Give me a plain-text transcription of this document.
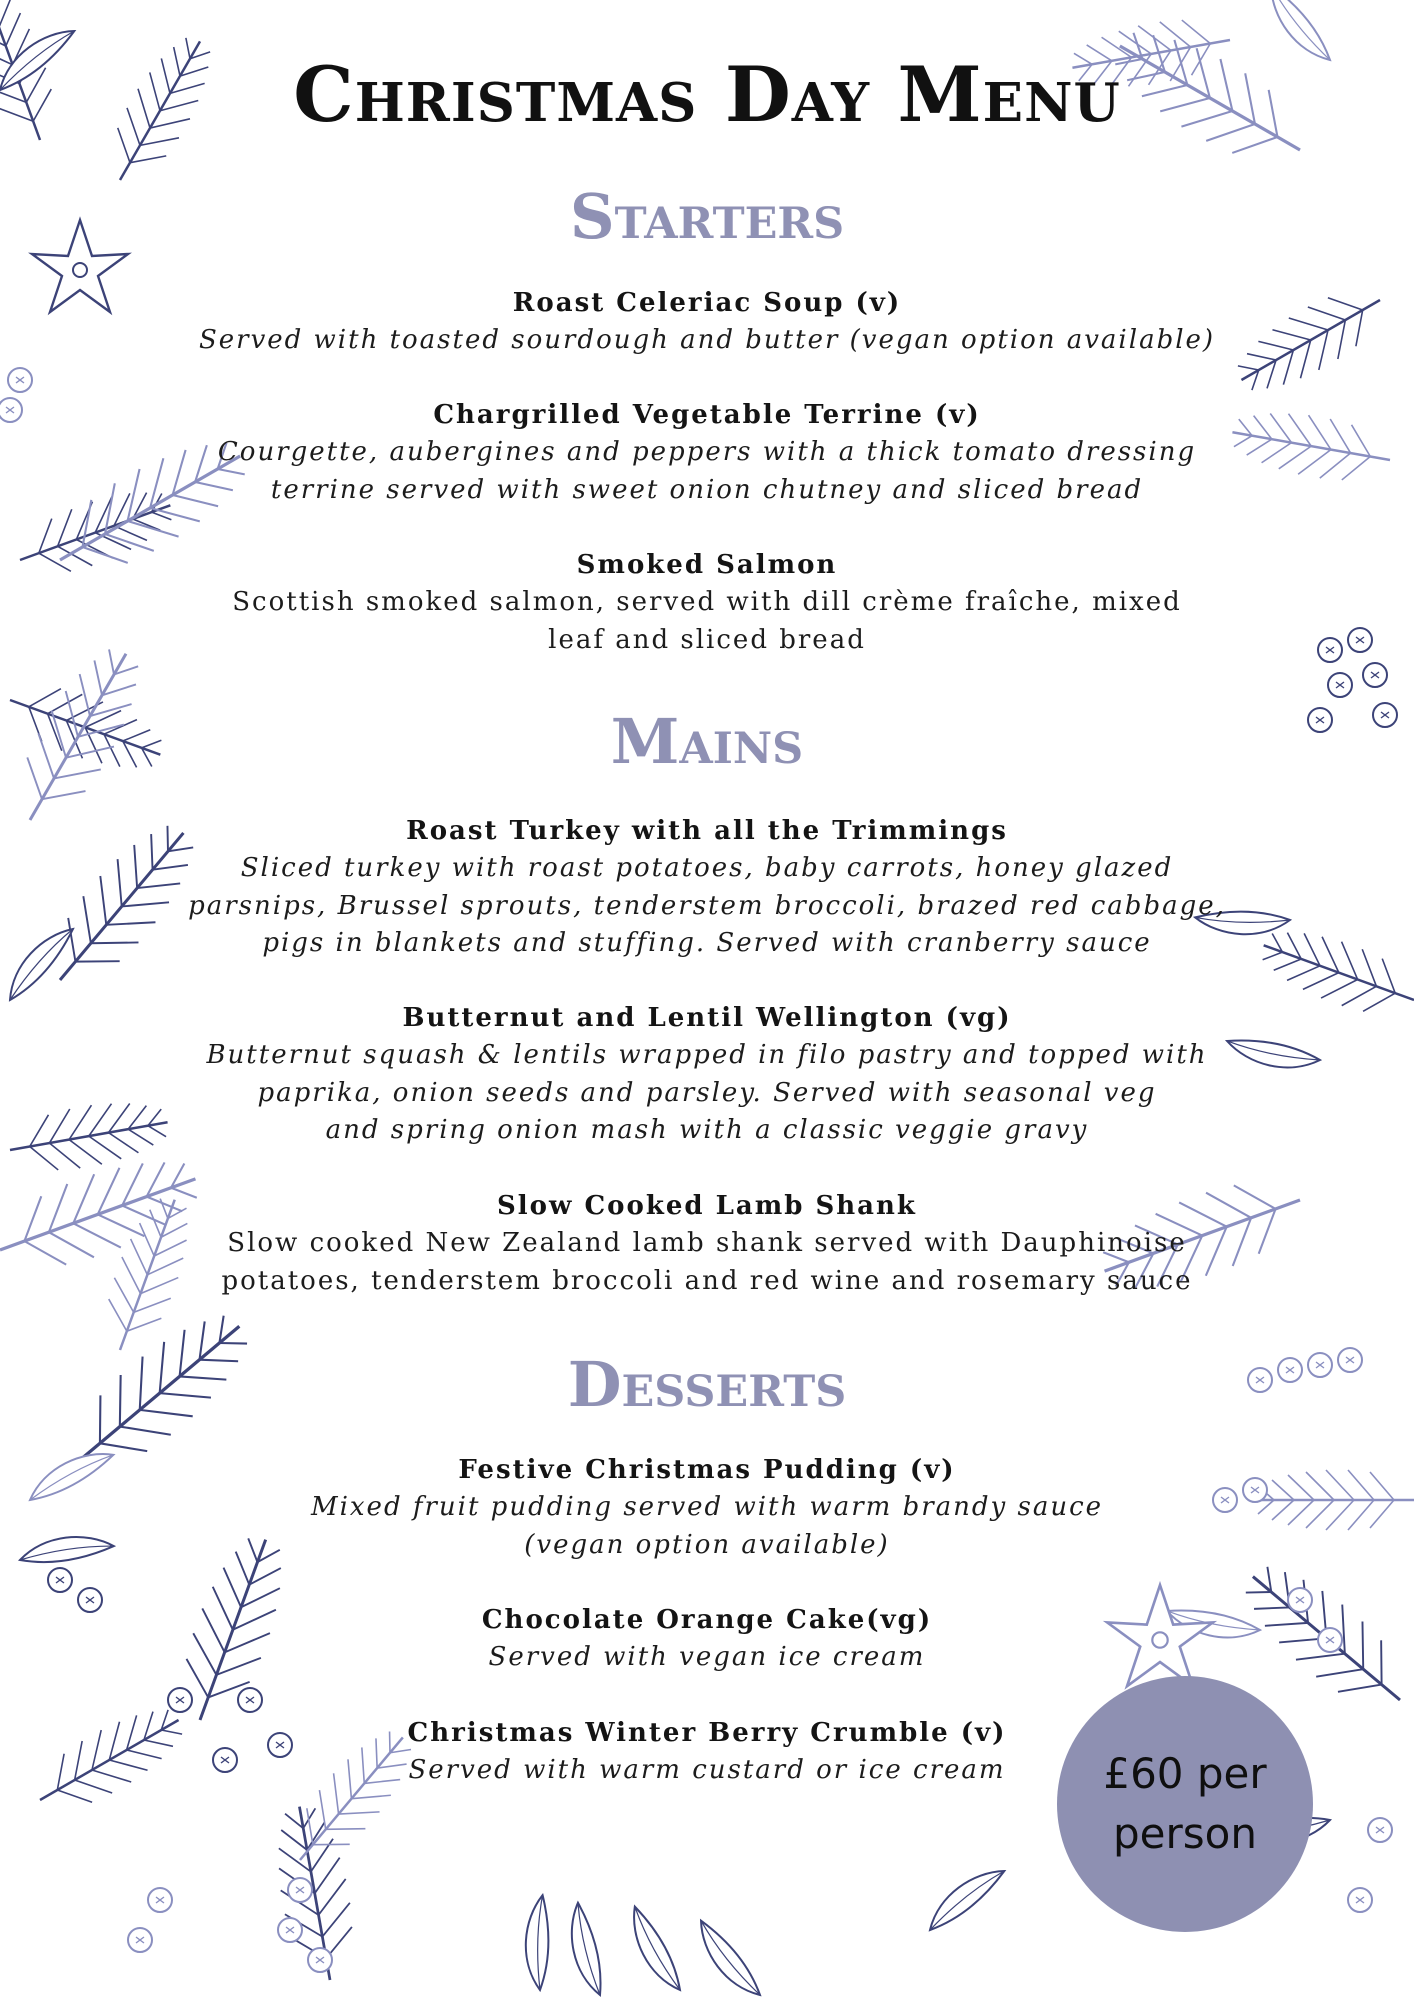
Christmas Day Menu
Starters
Roast Celeriac Soup (v)
Served with toasted sourdough and butter (vegan option available)
Chargrilled Vegetable Terrine (v)
Courgette, aubergines and peppers with a thick tomato dressing
terrine served with sweet onion chutney and sliced bread
Smoked Salmon
Scottish smoked salmon, served with dill crème fraîche, mixed
leaf and sliced bread
Mains
Roast Turkey with all the Trimmings
Sliced turkey with roast potatoes, baby carrots, honey glazed
parsnips, Brussel sprouts, tenderstem broccoli, brazed red cabbage,
pigs in blankets and stuffing. Served with cranberry sauce
Butternut and Lentil Wellington (vg)
Butternut squash & lentils wrapped in filo pastry and topped with
paprika, onion seeds and parsley. Served with seasonal veg
and spring onion mash with a classic veggie gravy
Slow Cooked Lamb Shank
Slow cooked New Zealand lamb shank served with Dauphinoise
potatoes, tenderstem broccoli and red wine and rosemary sauce
Desserts
Festive Christmas Pudding (v)
Mixed fruit pudding served with warm brandy sauce
(vegan option available)
Chocolate Orange Cake(vg)
Served with vegan ice cream
Christmas Winter Berry Crumble (v)
Served with warm custard or ice cream	£60 per
person
